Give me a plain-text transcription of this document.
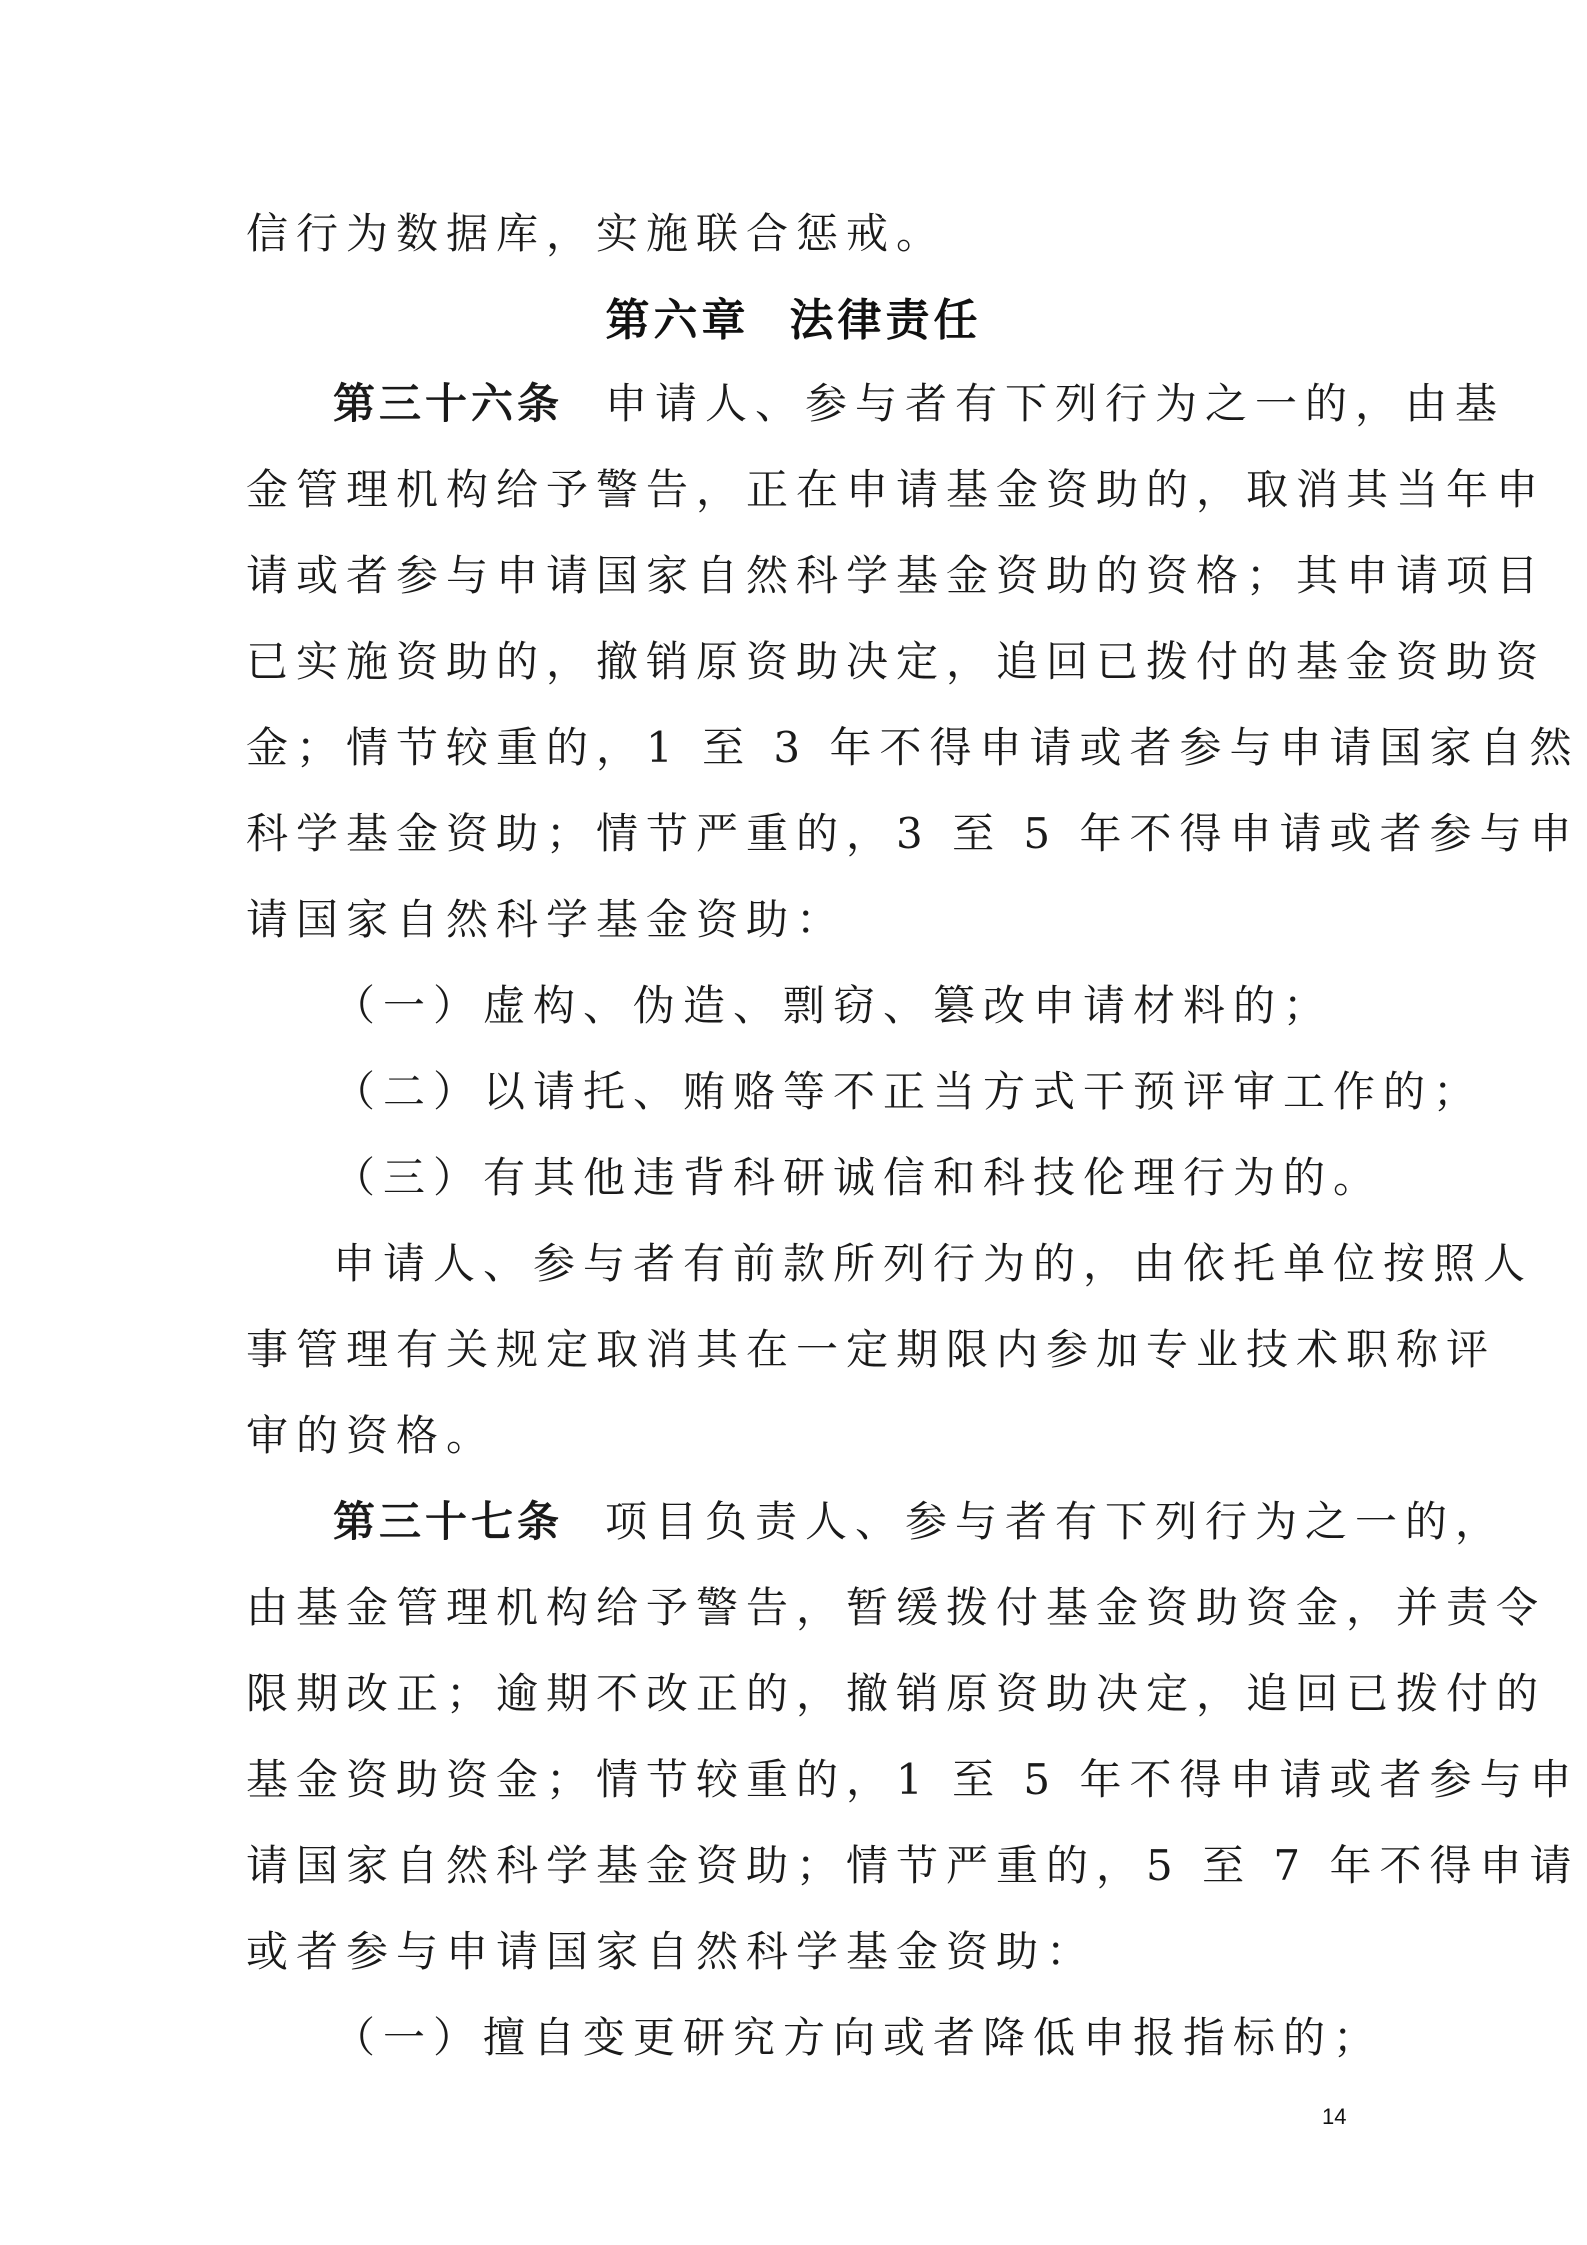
信行为数据库，实施联合惩戒。
第六章 法律责任
第三十六条 申请人、参与者有下列行为之一的，由基
金管理机构给予警告，正在申请基金资助的，取消其当年申
请或者参与申请国家自然科学基金资助的资格；其申请项目
已实施资助的，撤销原资助决定，追回已拨付的基金资助资
金；情节较重的，1 至 3 年不得申请或者参与申请国家自然
科学基金资助；情节严重的，3 至 5 年不得申请或者参与申
请国家自然科学基金资助：
（一）虚构、伪造、剽窃、篡改申请材料的；
（二）以请托、贿赂等不正当方式干预评审工作的；
（三）有其他违背科研诚信和科技伦理行为的。
申请人、参与者有前款所列行为的，由依托单位按照人
事管理有关规定取消其在一定期限内参加专业技术职称评
审的资格。
第三十七条 项目负责人、参与者有下列行为之一的，
由基金管理机构给予警告，暂缓拨付基金资助资金，并责令
限期改正；逾期不改正的，撤销原资助决定，追回已拨付的
基金资助资金；情节较重的，1 至 5 年不得申请或者参与申
请国家自然科学基金资助；情节严重的，5 至 7 年不得申请
或者参与申请国家自然科学基金资助：
（一）擅自变更研究方向或者降低申报指标的；
14
